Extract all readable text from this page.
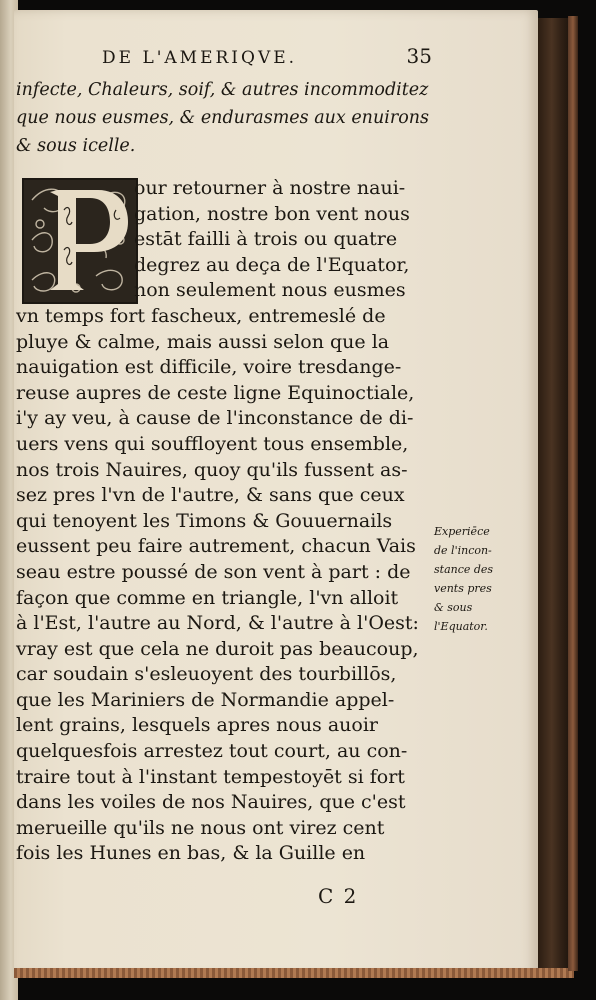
DE L'AMERIQVE.	35
infecte, Chaleurs, soif, & autres incommoditez
que nous eusmes, & endurasmes aux enuirons
& sous icelle.
our retourner à nostre naui-
gation, nostre bon vent nous
estāt failli à trois ou quatre
degrez au deça de l'Equator,
non seulement nous eusmes
vn temps fort fascheux, entremeslé de
pluye & calme, mais aussi selon que la
nauigation est difficile, voire tresdange-
reuse aupres de ceste ligne Equinoctiale,
i'y ay veu, à cause de l'inconstance de di-
uers vens qui souffloyent tous ensemble,
nos trois Nauires, quoy qu'ils fussent as-
sez pres l'vn de l'autre, & sans que ceux
qui tenoyent les Timons & Gouuernails
eussent peu faire autrement, chacun Vais
seau estre poussé de son vent à part : de
façon que comme en triangle, l'vn alloit
à l'Est, l'autre au Nord, & l'autre à l'Oest:
vray est que cela ne duroit pas beaucoup,
car soudain s'esleuoyent des tourbillōs,
que les Mariniers de Normandie appel-
lent grains, lesquels apres nous auoir
quelquesfois arrestez tout court, au con-
traire tout à l'instant tempestoyēt si fort
dans les voiles de nos Nauires, que c'est
merueille qu'ils ne nous ont virez cent
fois les Hunes en bas, & la Guille en
Experiēce
de l'incon-
stance des
vents pres
& sous
l'Equator.
C 2
